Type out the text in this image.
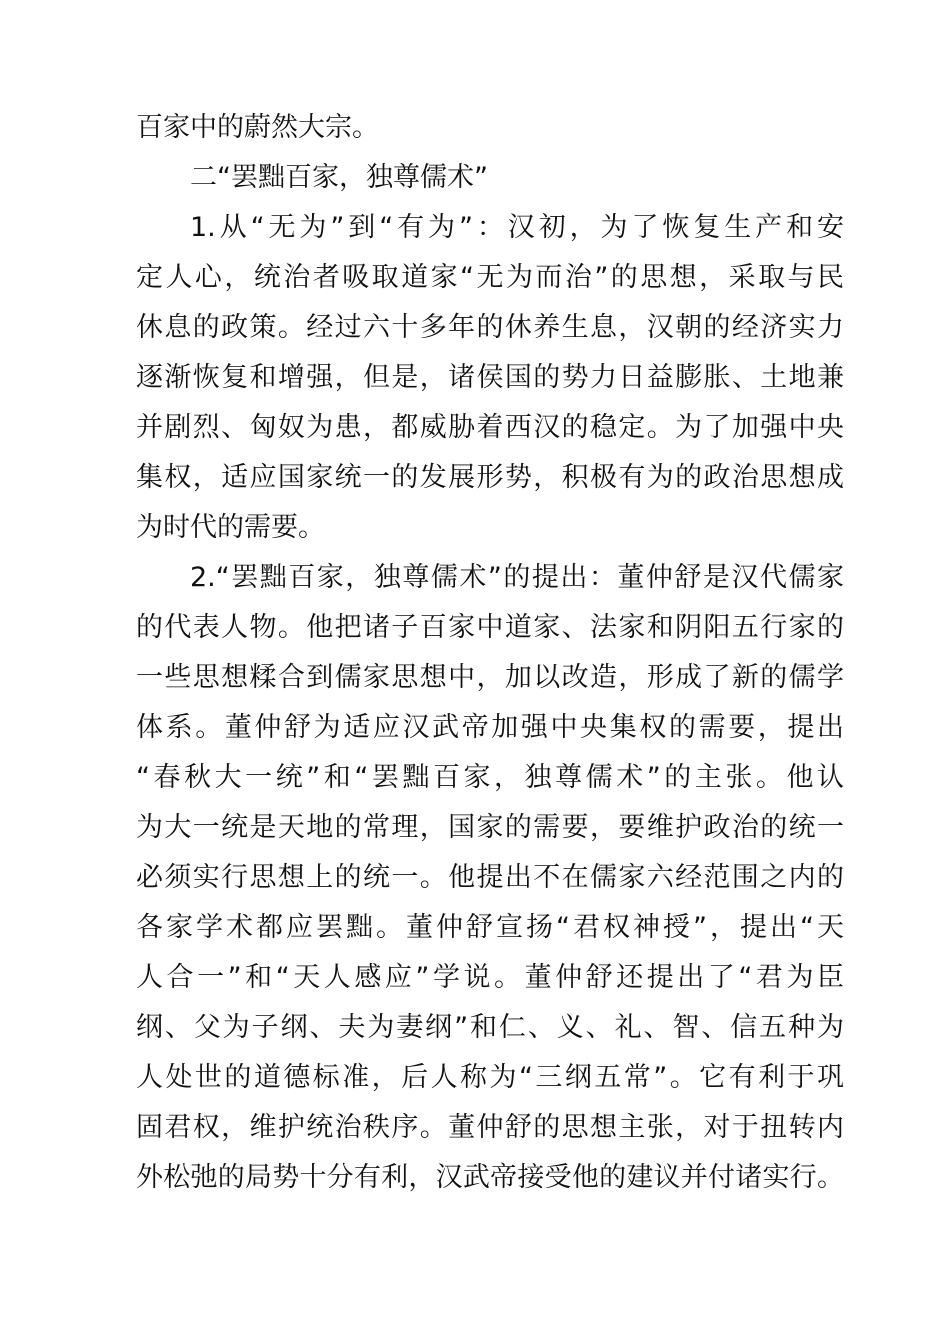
百家中的蔚然大宗。
二“罢黜百家，独尊儒术”
1.从“无为”到“有为”：汉初，为了恢复生产和安
定人心，统治者吸取道家“无为而治”的思想，采取与民
休息的政策。经过六十多年的休养生息，汉朝的经济实力
逐渐恢复和增强，但是，诸侯国的势力日益膨胀、土地兼
并剧烈、匈奴为患，都威胁着西汉的稳定。为了加强中央
集权，适应国家统一的发展形势，积极有为的政治思想成
为时代的需要。
2.“罢黜百家，独尊儒术”的提出：董仲舒是汉代儒家
的代表人物。他把诸子百家中道家、法家和阴阳五行家的
一些思想糅合到儒家思想中，加以改造，形成了新的儒学
体系。董仲舒为适应汉武帝加强中央集权的需要，提出
“春秋大一统”和“罢黜百家，独尊儒术”的主张。他认
为大一统是天地的常理，国家的需要，要维护政治的统一
必须实行思想上的统一。他提出不在儒家六经范围之内的
各家学术都应罢黜。董仲舒宣扬“君权神授”，提出“天
人合一”和“天人感应”学说。董仲舒还提出了“君为臣
纲、父为子纲、夫为妻纲”和仁、义、礼、智、信五种为
人处世的道德标准，后人称为“三纲五常”。它有利于巩
固君权，维护统治秩序。董仲舒的思想主张，对于扭转内
外松弛的局势十分有利，汉武帝接受他的建议并付诸实行。
